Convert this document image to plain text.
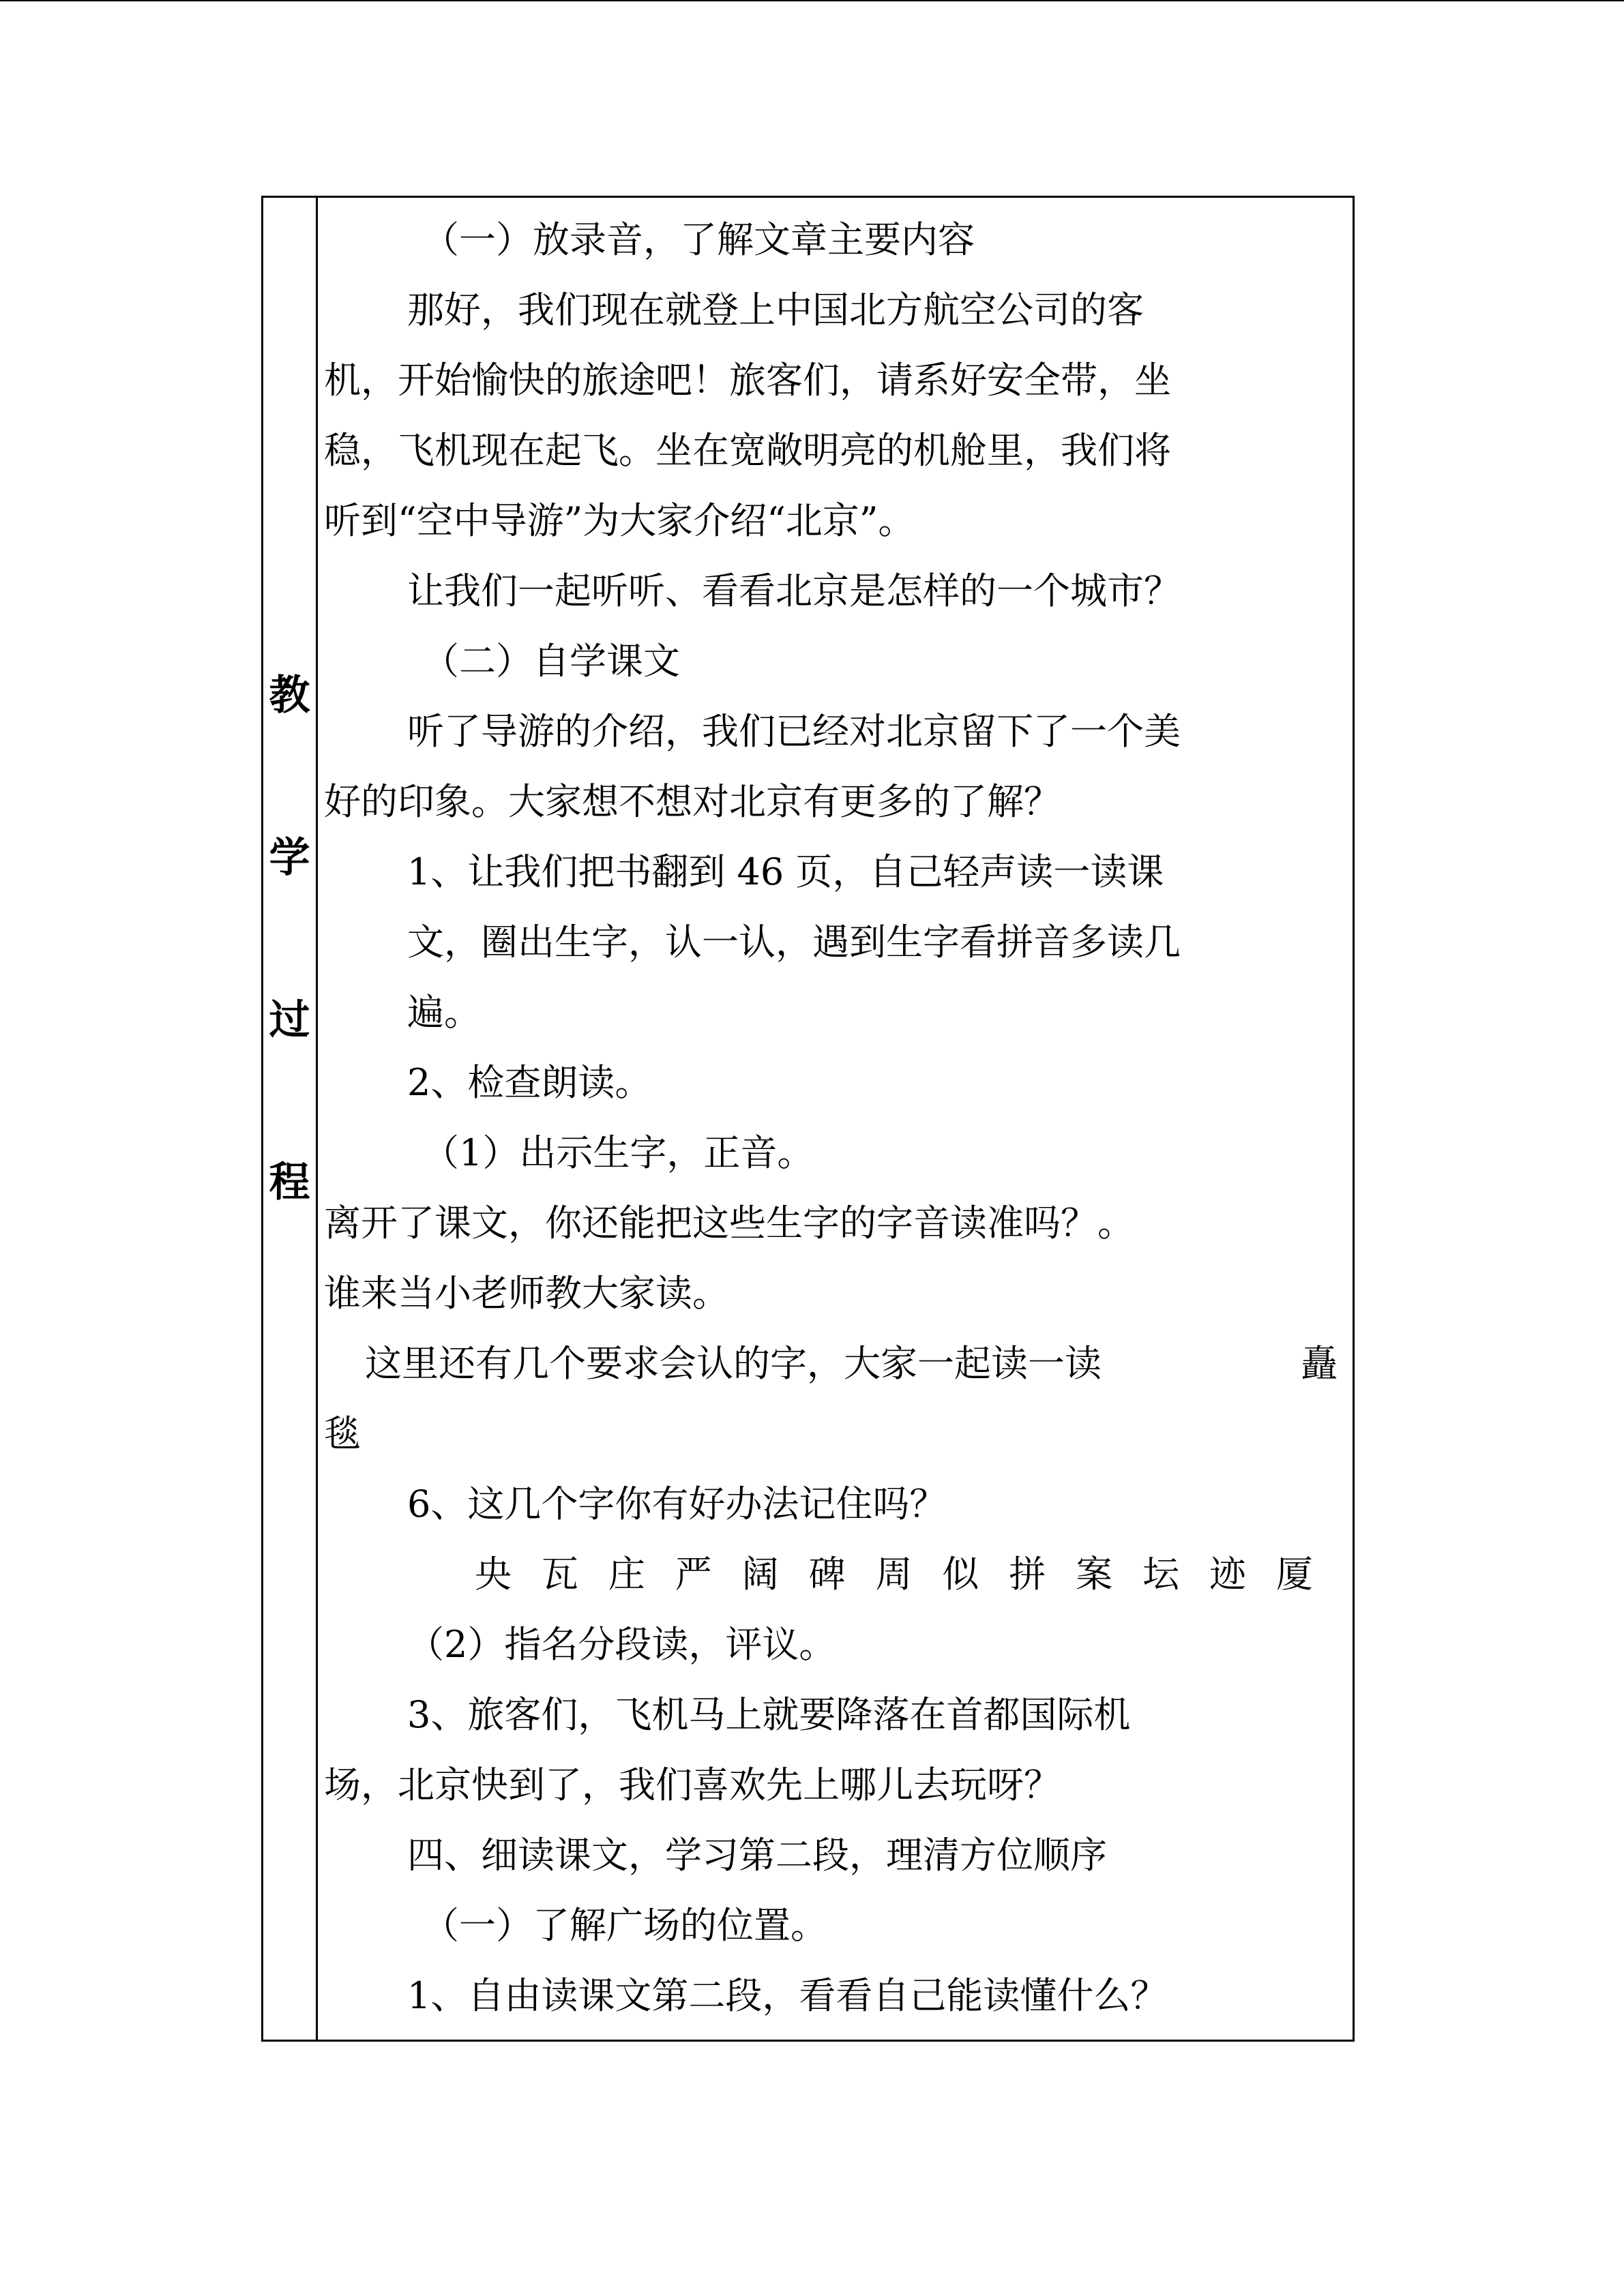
教
学
过
程
（一）放录音，了解文章主要内容
那好，我们现在就登上中国北方航空公司的客
机，开始愉快的旅途吧！旅客们，请系好安全带，坐
稳，飞机现在起飞。坐在宽敞明亮的机舱里，我们将
听到“空中导游”为大家介绍“北京”。
让我们一起听听、看看北京是怎样的一个城市？
（二）自学课文
听了导游的介绍，我们已经对北京留下了一个美
好的印象。大家想不想对北京有更多的了解？
1、让我们把书翻到 46 页，自己轻声读一读课
文，圈出生字，认一认，遇到生字看拼音多读几
遍。
2、检查朗读。
（1）出示生字，正音。
离开了课文，你还能把这些生字的字音读准吗？。
谁来当小老师教大家读。
这里还有几个要求会认的字，大家一起读一读	矗
毯
6、这几个字你有好办法记住吗？
央 瓦 庄 严 阔 碑 周 似 拼 案 坛 迹 厦
（2）指名分段读，评议。
3、旅客们，飞机马上就要降落在首都国际机
场，北京快到了，我们喜欢先上哪儿去玩呀？
四、细读课文，学习第二段，理清方位顺序
（一）了解广场的位置。
1、自由读课文第二段，看看自己能读懂什么？
